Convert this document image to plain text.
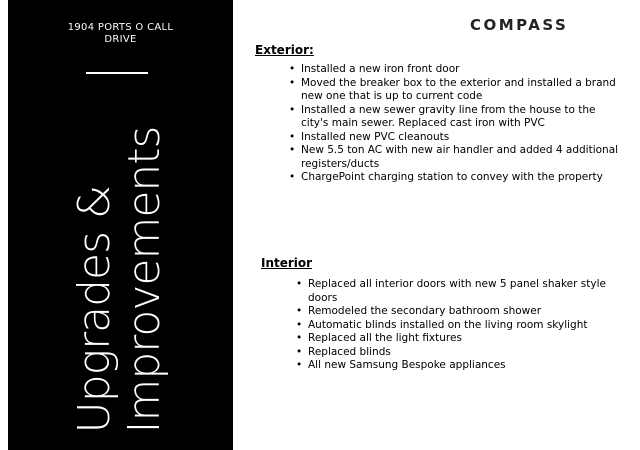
1904 PORTS O CALL
DRIVE
Upgrades & Improvements
COMPASS
Exterior:
• Installed a new iron front door
• Moved the breaker box to the exterior and installed a brand new one that is up to current code
• Installed a new sewer gravity line from the house to the city's main sewer. Replaced cast iron with PVC
• Installed new PVC cleanouts
• New 5.5 ton AC with new air handler and added 4 additional registers/ducts
• ChargePoint charging station to convey with the property
Interior
• Replaced all interior doors with new 5 panel shaker style doors
• Remodeled the secondary bathroom shower
• Automatic blinds installed on the living room skylight
• Replaced all the light fixtures
• Replaced blinds
• All new Samsung Bespoke appliances
